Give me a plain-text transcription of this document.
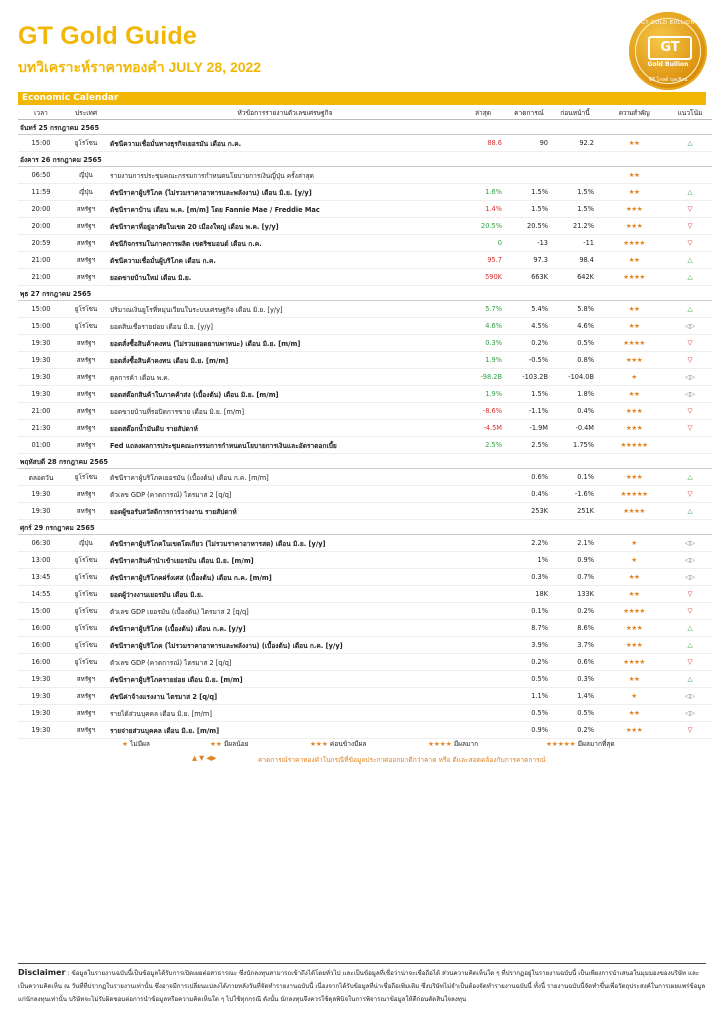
GT Gold Guide
บทวิเคราะห์ราคาทองคำ JULY 28, 2022
GT GOLD BULLION
GT
Gold Bullion
จีที โกลด์ บุลเลียน
Economic Calendar
เวลา	ประเทศ	หัวข้อการรายงานตัวเลขเศรษฐกิจ	ล่าสุด	คาดการณ์	ก่อนหน้านี้	ความสำคัญ	แนวโน้ม
จันทร์ 25 กรกฎาคม 2565							
15:00	ยูโรโซน	ดัชนีความเชื่อมั่นทางธุรกิจเยอรมัน เดือน ก.ค.	88.6	90	92.2	★★	△
อังคาร 26 กรกฎาคม 2565							
06:50	ญี่ปุ่น	รายงานการประชุมคณะกรรมการกำหนดนโยบายการเงินญี่ปุ่น ครั้งล่าสุด				★★	
11:59	ญี่ปุ่น	ดัชนีราคาผู้บริโภค (ไม่รวมราคาอาหารและพลังงาน) เดือน มิ.ย. [y/y]	1.6%	1.5%	1.5%	★★	△
20:00	สหรัฐฯ	ดัชนีราคาบ้าน เดือน พ.ค. [m/m] โดย Fannie Mae / Freddie Mac	1.4%	1.5%	1.5%	★★★	▽
20:00	สหรัฐฯ	ดัชนีราคาที่อยู่อาศัยในเขต 20 เมืองใหญ่ เดือน พ.ค. [y/y]	20.5%	20.5%	21.2%	★★★	▽
20:59	สหรัฐฯ	ดัชนีกิจกรรมในภาคการผลิต เขตริชมอนด์ เดือน ก.ค.	0	-13	-11	★★★★	▽
21:00	สหรัฐฯ	ดัชนีความเชื่อมั่นผู้บริโภค เดือน ก.ค.	95.7	97.3	98.4	★★	△
21:00	สหรัฐฯ	ยอดขายบ้านใหม่ เดือน มิ.ย.	590K	663K	642K	★★★★	△
พุธ 27 กรกฎาคม 2565							
15:00	ยูโรโซน	ปริมาณเงินยูโรที่หมุนเวียนในระบบเศรษฐกิจ เดือน มิ.ย. [y/y]	5.7%	5.4%	5.8%	★★	△
15:00	ยูโรโซน	ยอดสินเชื่อรายย่อย เดือน มิ.ย. [y/y]	4.6%	4.5%	4.6%	★★	◁▷
19:30	สหรัฐฯ	ยอดสั่งซื้อสินค้าคงทน (ไม่รวมยอดยานพาหนะ) เดือน มิ.ย. [m/m]	0.3%	0.2%	0.5%	★★★★	▽
19:30	สหรัฐฯ	ยอดสั่งซื้อสินค้าคงทน เดือน มิ.ย. [m/m]	1.9%	-0.5%	0.8%	★★★	▽
19:30	สหรัฐฯ	ดุลการค้า เดือน พ.ค.	-98.2B	-103.2B	-104.0B	★	◁▷
19:30	สหรัฐฯ	ยอดสต๊อกสินค้าในภาคค้าส่ง (เบื้องต้น) เดือน มิ.ย. [m/m]	1.9%	1.5%	1.8%	★★	◁▷
21:00	สหรัฐฯ	ยอดขายบ้านที่รอปิดการขาย เดือน มิ.ย. [m/m]	-8.6%	-1.1%	0.4%	★★★	▽
21:30	สหรัฐฯ	ยอดสต๊อกน้ำมันดิบ รายสัปดาห์	-4.5M	-1.9M	-0.4M	★★★	▽
01:00	สหรัฐฯ	Fed แถลงผลการประชุมคณะกรรมการกำหนดนโยบายการเงินและอัตราดอกเบี้ย	2.5%	2.5%	1.75%	★★★★★	
พฤหัสบดี 28 กรกฎาคม 2565							
ตลอดวัน	ยูโรโซน	ดัชนีราคาผู้บริโภคเยอรมัน (เบื้องต้น) เดือน ก.ค. [m/m]		0.6%	0.1%	★★★	△
19:30	สหรัฐฯ	ตัวเลข GDP (คาดการณ์) ไตรมาส 2 [q/q]		0.4%	-1.6%	★★★★★	▽
19:30	สหรัฐฯ	ยอดผู้ขอรับสวัสดิการการว่างงาน รายสัปดาห์		253K	251K	★★★★	△
ศุกร์ 29 กรกฎาคม 2565							
06:30	ญี่ปุ่น	ดัชนีราคาผู้บริโภคในเขตโตเกียว (ไม่รวมราคาอาหารสด) เดือน มิ.ย. [y/y]		2.2%	2.1%	★	◁▷
13:00	ยูโรโซน	ดัชนีราคาสินค้านำเข้าเยอรมัน เดือน มิ.ย. [m/m]		1%	0.9%	★	◁▷
13:45	ยูโรโซน	ดัชนีราคาผู้บริโภคฝรั่งเศส (เบื้องต้น) เดือน ก.ค. [m/m]		0.3%	0.7%	★★	◁▷
14:55	ยูโรโซน	ยอดผู้ว่างงานเยอรมัน เดือน มิ.ย.		18K	133K	★★	▽
15:00	ยูโรโซน	ตัวเลข GDP เยอรมัน (เบื้องต้น) ไตรมาส 2 [q/q]		0.1%	0.2%	★★★★	▽
16:00	ยูโรโซน	ดัชนีราคาผู้บริโภค (เบื้องต้น) เดือน ก.ค. [y/y]		8.7%	8.6%	★★★	△
16:00	ยูโรโซน	ดัชนีราคาผู้บริโภค (ไม่รวมราคาอาหารและพลังงาน) (เบื้องต้น) เดือน ก.ค. [y/y]		3.9%	3.7%	★★★	△
16:00	ยูโรโซน	ตัวเลข GDP (คาดการณ์) ไตรมาส 2 [q/q]		0.2%	0.6%	★★★★	▽
19:30	สหรัฐฯ	ดัชนีราคาผู้บริโภครายย่อย เดือน มิ.ย. [m/m]		0.5%	0.3%	★★	△
19:30	สหรัฐฯ	ดัชนีค่าจ้างแรงงาน ไตรมาส 2 [q/q]		1.1%	1.4%	★	◁▷
19:30	สหรัฐฯ	รายได้ส่วนบุคคล เดือน มิ.ย. [m/m]		0.5%	0.5%	★★	◁▷
19:30	สหรัฐฯ	รายจ่ายส่วนบุคคล เดือน มิ.ย. [m/m]		0.9%	0.2%	★★★	▽
★ ไม่มีผล	★★ มีผลน้อย	★★★ ค่อนข้างมีผล	★★★★ มีผลมาก	★★★★★ มีผลมากที่สุด
▲ ▼ ◀▶	คาดการณ์ราคาทองคำในกรณีที่ข้อมูลประกาศออกมาดีกว่าคาด หรือ ดีและสอดคล้องกับการคาดการณ์
Disclaimer : ข้อมูลในรายงานฉบับนี้เป็นข้อมูลได้รับการเปิดเผยต่อสาธารณะ ซึ่งนักลงทุนสามารถเข้าถึงได้โดยทั่วไป และเป็นข้อมูลที่เชื่อว่าน่าจะเชื่อถือได้ ส่วนความคิดเห็นใด ๆ ที่ปรากฏอยู่ในรายงานฉบับนี้ เป็นเพียงการนำเสนอในมุมมองของบริษัท และเป็นความคิดเห็น ณ วันที่ที่ปรากฏในรายงานเท่านั้น ซึ่งอาจมีการเปลี่ยนแปลงได้ภายหลังวันที่จัดทำรายงานฉบับนี้ เนื่องจากได้รับข้อมูลที่น่าเชื่อถือเพิ่มเติม ซึ่งบริษัทไม่จำเป็นต้องจัดทำรายงานฉบับนี้ ทั้งนี้ รายงานฉบับนี้จัดทำขึ้นเพื่อวัตถุประสงค์ในการเผยแพร่ข้อมูลแก่นักลงทุนเท่านั้น บริษัทจะไม่รับผิดชอบต่อการนำข้อมูลหรือความคิดเห็นใด ๆ ไปใช้ทุกกรณี ดังนั้น นักลงทุนจึงควรใช้ดุลพินิจในการพิจารณาข้อมูลให้ดีก่อนตัดสินใจลงทุน
